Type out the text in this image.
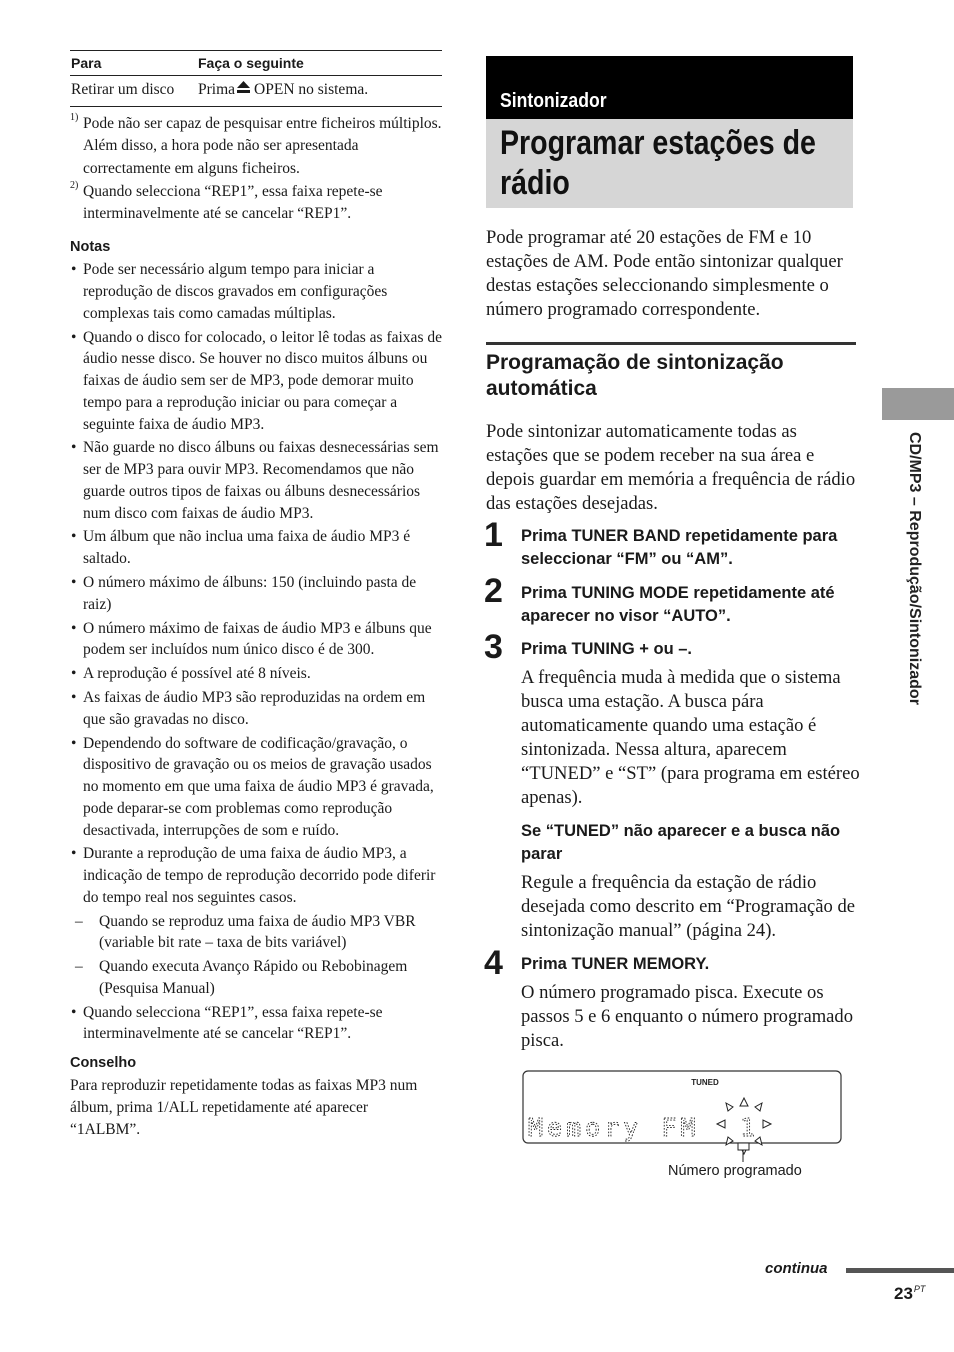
Para	Faça o seguinte
Retirar um disco	Prima OPEN no sistema.
1) Pode não ser capaz de pesquisar entre ficheiros múltiplos. Além disso, a hora pode não ser apresentada correctamente em alguns ficheiros.
2) Quando selecciona “REP1”, essa faixa repete-se interminavelmente até se cancelar “REP1”.
Notas
• Pode ser necessário algum tempo para iniciar a reprodução de discos gravados em configurações complexas tais como camadas múltiplas.
• Quando o disco for colocado, o leitor lê todas as faixas de áudio nesse disco. Se houver no disco muitos álbuns ou faixas de áudio sem ser de MP3, pode demorar muito tempo para a reprodução iniciar ou para começar a seguinte faixa de áudio MP3.
• Não guarde no disco álbuns ou faixas desnecessárias sem ser de MP3 para ouvir MP3. Recomendamos que não guarde outros tipos de faixas ou álbuns desnecessários num disco com faixas de áudio MP3.
• Um álbum que não inclua uma faixa de áudio MP3 é saltado.
• O número máximo de álbuns: 150 (incluindo pasta de raiz)
• O número máximo de faixas de áudio MP3 e álbuns que podem ser incluídos num único disco é de 300.
• A reprodução é possível até 8 níveis.
• As faixas de áudio MP3 são reproduzidas na ordem em que são gravadas no disco.
• Dependendo do software de codificação/gravação, o dispositivo de gravação ou os meios de gravação usados no momento em que uma faixa de áudio MP3 é gravada, pode deparar-se com problemas como reprodução desactivada, interrupções de som e ruído.
• Durante a reprodução de uma faixa de áudio MP3, a indicação de tempo de reprodução decorrido pode diferir do tempo real nos seguintes casos.
– Quando se reproduz uma faixa de áudio MP3 VBR (variable bit rate – taxa de bits variável)
– Quando executa Avanço Rápido ou Rebobinagem (Pesquisa Manual)
• Quando selecciona “REP1”, essa faixa repete-se interminavelmente até se cancelar “REP1”.
Conselho

Para reproduzir repetidamente todas as faixas MP3 num álbum, prima 1/ALL repetidamente até aparecer “1ALBM”.

Sintonizador
Programar estações de rádio

Pode programar até 20 estações de FM e 10 estações de AM. Pode então sintonizar qualquer destas estações seleccionando simplesmente o número programado correspondente.

Programação de sintonização automática

Pode sintonizar automaticamente todas as estações que se podem receber na sua área e depois guardar em memória a frequência de rádio das estações desejadas.

1 Prima TUNER BAND repetidamente para seleccionar “FM” ou “AM”.

2 Prima TUNING MODE repetidamente até aparecer no visor “AUTO”.

3 Prima TUNING + ou –.

A frequência muda à medida que o sistema busca uma estação. A busca pára automaticamente quando uma estação é sintonizada. Nessa altura, aparecem “TUNED” e “ST” (para programa em estéreo apenas).

Se “TUNED” não aparecer e a busca não parar

Regule a frequência da estação de rádio desejada como descrito em “Programação de sintonização manual” (página 24).

4 Prima TUNER MEMORY.

O número programado pisca. Execute os passos 5 e 6 enquanto o número programado pisca.

TUNED
Memory FM 1
Número programado
CD/MP3 – Reprodução/Sintonizador
continua
$23^{PT}$
